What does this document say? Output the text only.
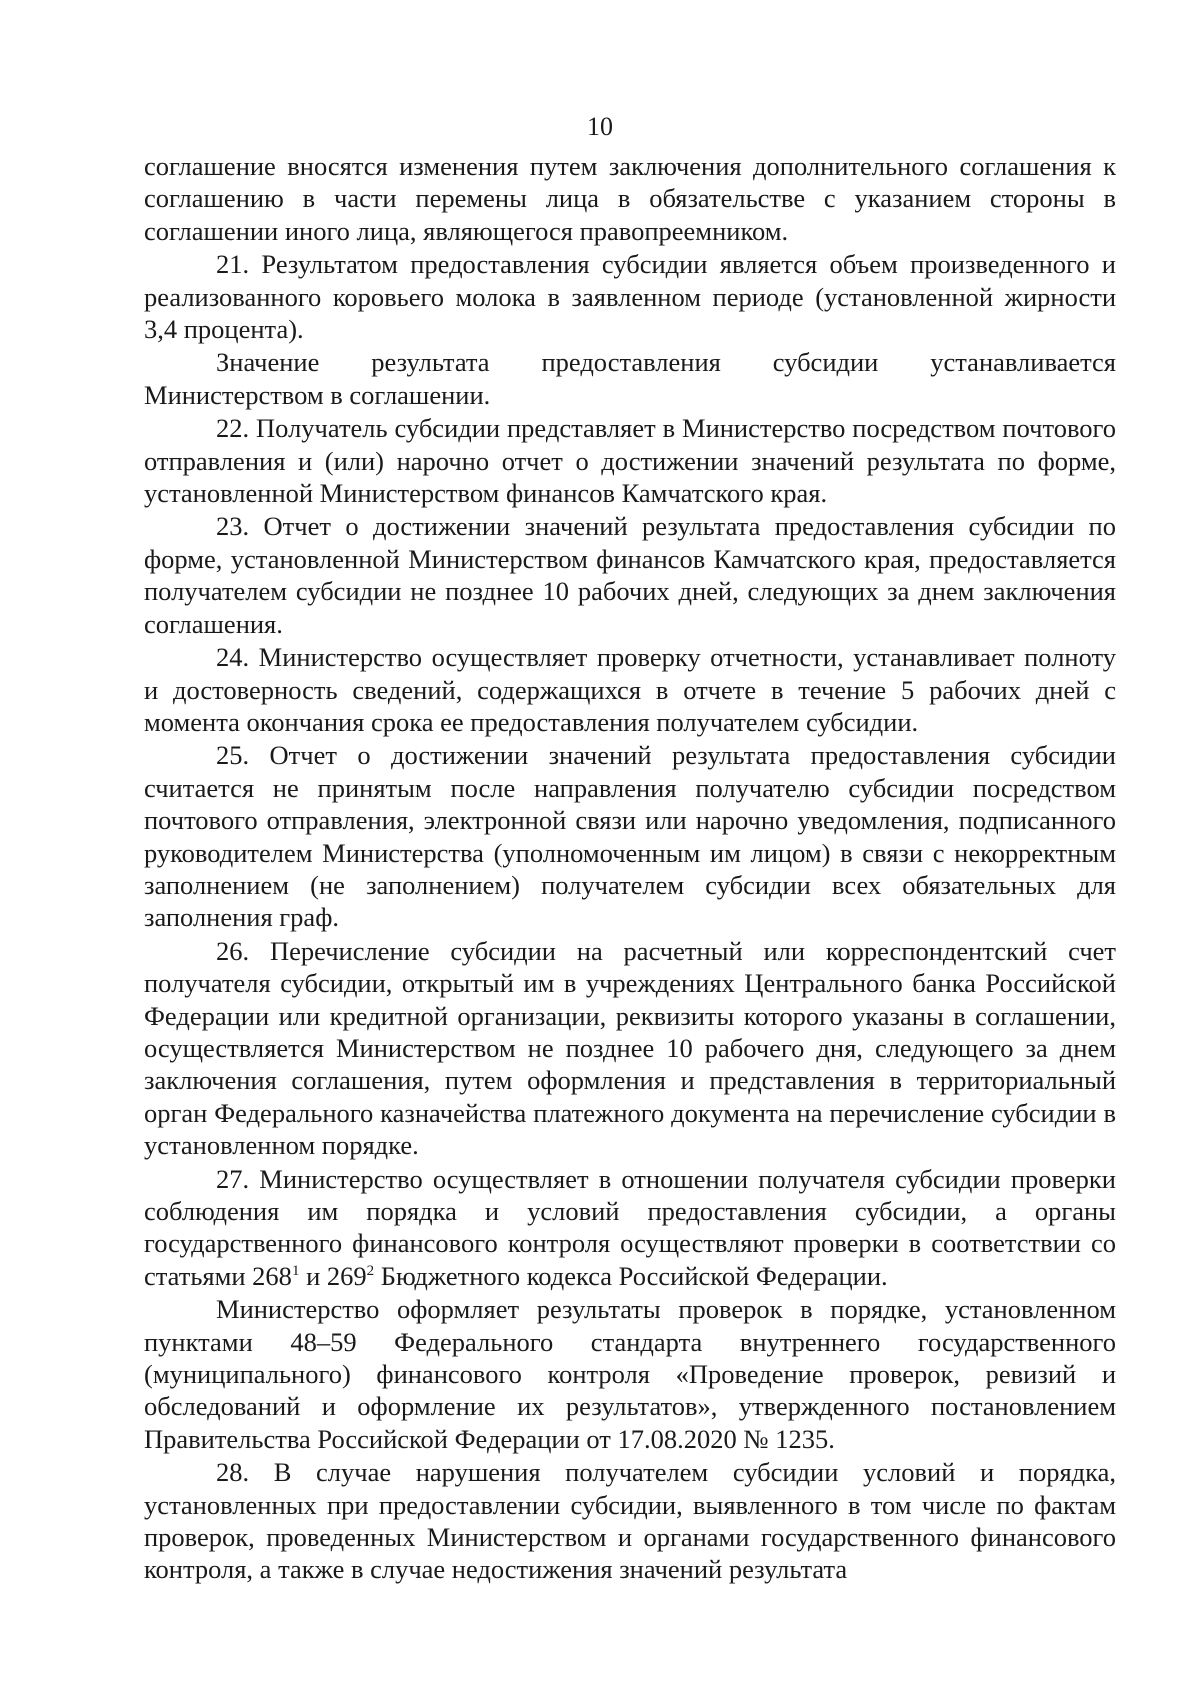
10

соглашение вносятся изменения путем заключения дополнительного соглашения к соглашению в части перемены лица в обязательстве с указанием стороны в соглашении иного лица, являющегося правопреемником.

21. Результатом предоставления субсидии является объем произведенного и реализованного коровьего молока в заявленном периоде (установленной жирности 3,4 процента).

Значение результата предоставления субсидии устанавливается Министерством в соглашении.

22. Получатель субсидии представляет в Министерство посредством почтового отправления и (или) нарочно отчет о достижении значений результата по форме, установленной Министерством финансов Камчатского края.

23. Отчет о достижении значений результата предоставления субсидии по форме, установленной Министерством финансов Камчатского края, предоставляется получателем субсидии не позднее 10 рабочих дней, следующих за днем заключения соглашения.

24. Министерство осуществляет проверку отчетности, устанавливает полноту и достоверность сведений, содержащихся в отчете в течение 5 рабочих дней с момента окончания срока ее предоставления получателем субсидии.

25. Отчет о достижении значений результата предоставления субсидии считается не принятым после направления получателю субсидии посредством почтового отправления, электронной связи или нарочно уведомления, подписанного руководителем Министерства (уполномоченным им лицом) в связи с некорректным заполнением (не заполнением) получателем субсидии всех обязательных для заполнения граф.

26. Перечисление субсидии на расчетный или корреспондентский счет получателя субсидии, открытый им в учреждениях Центрального банка Российской Федерации или кредитной организации, реквизиты которого указаны в соглашении, осуществляется Министерством не позднее 10 рабочего дня, следующего за днем заключения соглашения, путем оформления и представления в территориальный орган Федерального казначейства платежного документа на перечисление субсидии в установленном порядке.

27. Министерство осуществляет в отношении получателя субсидии проверки соблюдения им порядка и условий предоставления субсидии, а органы государственного финансового контроля осуществляют проверки в соответствии со статьями $268^1$ и $269^2$ Бюджетного кодекса Российской Федерации.

Министерство оформляет результаты проверок в порядке, установленном пунктами 48–59 Федерального стандарта внутреннего государственного (муниципального) финансового контроля «Проведение проверок, ревизий и обследований и оформление их результатов», утвержденного постановлением Правительства Российской Федерации от 17.08.2020 № 1235.

28. В случае нарушения получателем субсидии условий и порядка, установленных при предоставлении субсидии, выявленного в том числе по фактам проверок, проведенных Министерством и органами государственного финансового контроля, а также в случае недостижения значений результата
